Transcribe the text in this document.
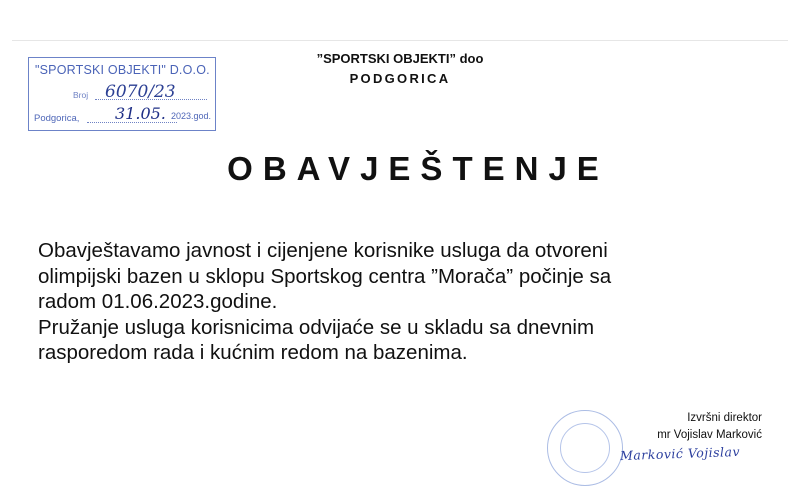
"SPORTSKI OBJEKTI" D.O.O.
Broj 6070/23
Podgorica, 31.05. 2023.god.
”SPORTSKI OBJEKTI” doo
PODGORICA
OBAVJEŠTENJE

Obavještavamo javnost i cijenjene korisnike usluga da otvoreni

olimpijski bazen u sklopu Sportskog centra ”Morača” počinje sa

radom 01.06.2023.godine.

Pružanje usluga korisnicima odvijaće se u skladu sa dnevnim

rasporedom rada i kućnim redom na bazenima.

Izvršni direktor
mr Vojislav Marković
Marković Vojislav
